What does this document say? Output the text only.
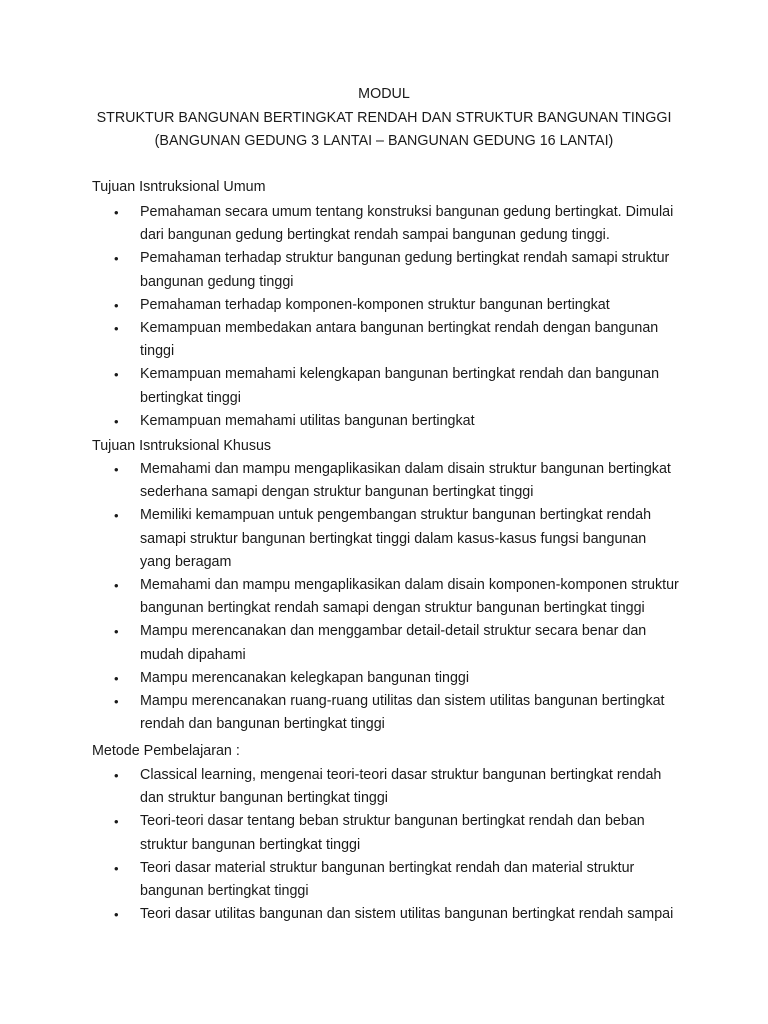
MODUL
STRUKTUR BANGUNAN BERTINGKAT RENDAH DAN STRUKTUR BANGUNAN TINGGI
(BANGUNAN GEDUNG 3 LANTAI – BANGUNAN GEDUNG 16 LANTAI)
Tujuan Isntruksional Umum
• Pemahaman secara umum tentang konstruksi bangunan gedung bertingkat. Dimulai
dari bangunan gedung bertingkat rendah sampai bangunan gedung tinggi.
• Pemahaman terhadap struktur bangunan gedung bertingkat rendah samapi struktur
bangunan gedung tinggi
• Pemahaman terhadap komponen-komponen struktur bangunan bertingkat
• Kemampuan membedakan antara bangunan bertingkat rendah dengan bangunan
tinggi
• Kemampuan memahami kelengkapan bangunan bertingkat rendah dan bangunan
bertingkat tinggi
• Kemampuan memahami utilitas bangunan bertingkat
Tujuan Isntruksional Khusus
• Memahami dan mampu mengaplikasikan dalam disain struktur bangunan bertingkat
sederhana samapi dengan struktur bangunan bertingkat tinggi
• Memiliki kemampuan untuk pengembangan struktur bangunan bertingkat rendah
samapi struktur bangunan bertingkat tinggi dalam kasus-kasus fungsi bangunan
yang beragam
• Memahami dan mampu mengaplikasikan dalam disain komponen-komponen struktur
bangunan bertingkat rendah samapi dengan struktur bangunan bertingkat tinggi
• Mampu merencanakan dan menggambar detail-detail struktur secara benar dan
mudah dipahami
• Mampu merencanakan kelegkapan bangunan tinggi
• Mampu merencanakan ruang-ruang utilitas dan sistem utilitas bangunan bertingkat
rendah dan bangunan bertingkat tinggi
Metode Pembelajaran :
• Classical learning, mengenai teori-teori dasar struktur bangunan bertingkat rendah
dan struktur bangunan bertingkat tinggi
• Teori-teori dasar tentang beban struktur bangunan bertingkat rendah dan beban
struktur bangunan bertingkat tinggi
• Teori dasar material struktur bangunan bertingkat rendah dan material struktur
bangunan bertingkat tinggi
• Teori dasar utilitas bangunan dan sistem utilitas bangunan bertingkat rendah sampai
